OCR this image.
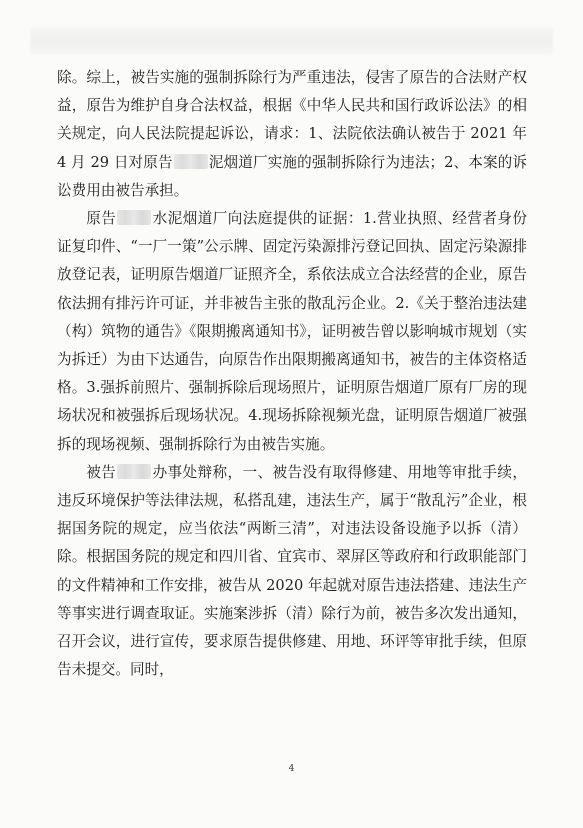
除。综上，被告实施的强制拆除行为严重违法，侵害了原告的合法财产权益，原告为维护自身合法权益，根据《中华人民共和国行政诉讼法》的相关规定，向人民法院提起诉讼，请求：1、法院依法确认被告于 2021 年 4 月 29 日对原告 泥烟道厂实施的强制拆除行为违法；2、本案的诉讼费用由被告承担。

原告 水泥烟道厂向法庭提供的证据：1.营业执照、经营者身份证复印件、“一厂一策”公示牌、固定污染源排污登记回执、固定污染源排放登记表，证明原告烟道厂证照齐全，系依法成立合法经营的企业，原告依法拥有排污许可证，并非被告主张的散乱污企业。2.《关于整治违法建（构）筑物的通告》《限期搬离通知书》，证明被告曾以影响城市规划（实为拆迁）为由下达通告，向原告作出限期搬离通知书，被告的主体资格适格。3.强拆前照片、强制拆除后现场照片，证明原告烟道厂原有厂房的现场状况和被强拆后现场状况。4.现场拆除视频光盘，证明原告烟道厂被强拆的现场视频、强制拆除行为由被告实施。

被告 办事处辩称，一、被告没有取得修建、用地等审批手续，违反环境保护等法律法规，私搭乱建，违法生产，属于“散乱污”企业，根据国务院的规定，应当依法“两断三清”，对违法设备设施予以拆（清）除。根据国务院的规定和四川省、宜宾市、翠屏区等政府和行政职能部门的文件精神和工作安排，被告从 2020 年起就对原告违法搭建、违法生产等事实进行调查取证。实施案涉拆（清）除行为前，被告多次发出通知，召开会议，进行宣传，要求原告提供修建、用地、环评等审批手续，但原告未提交。同时，

4
